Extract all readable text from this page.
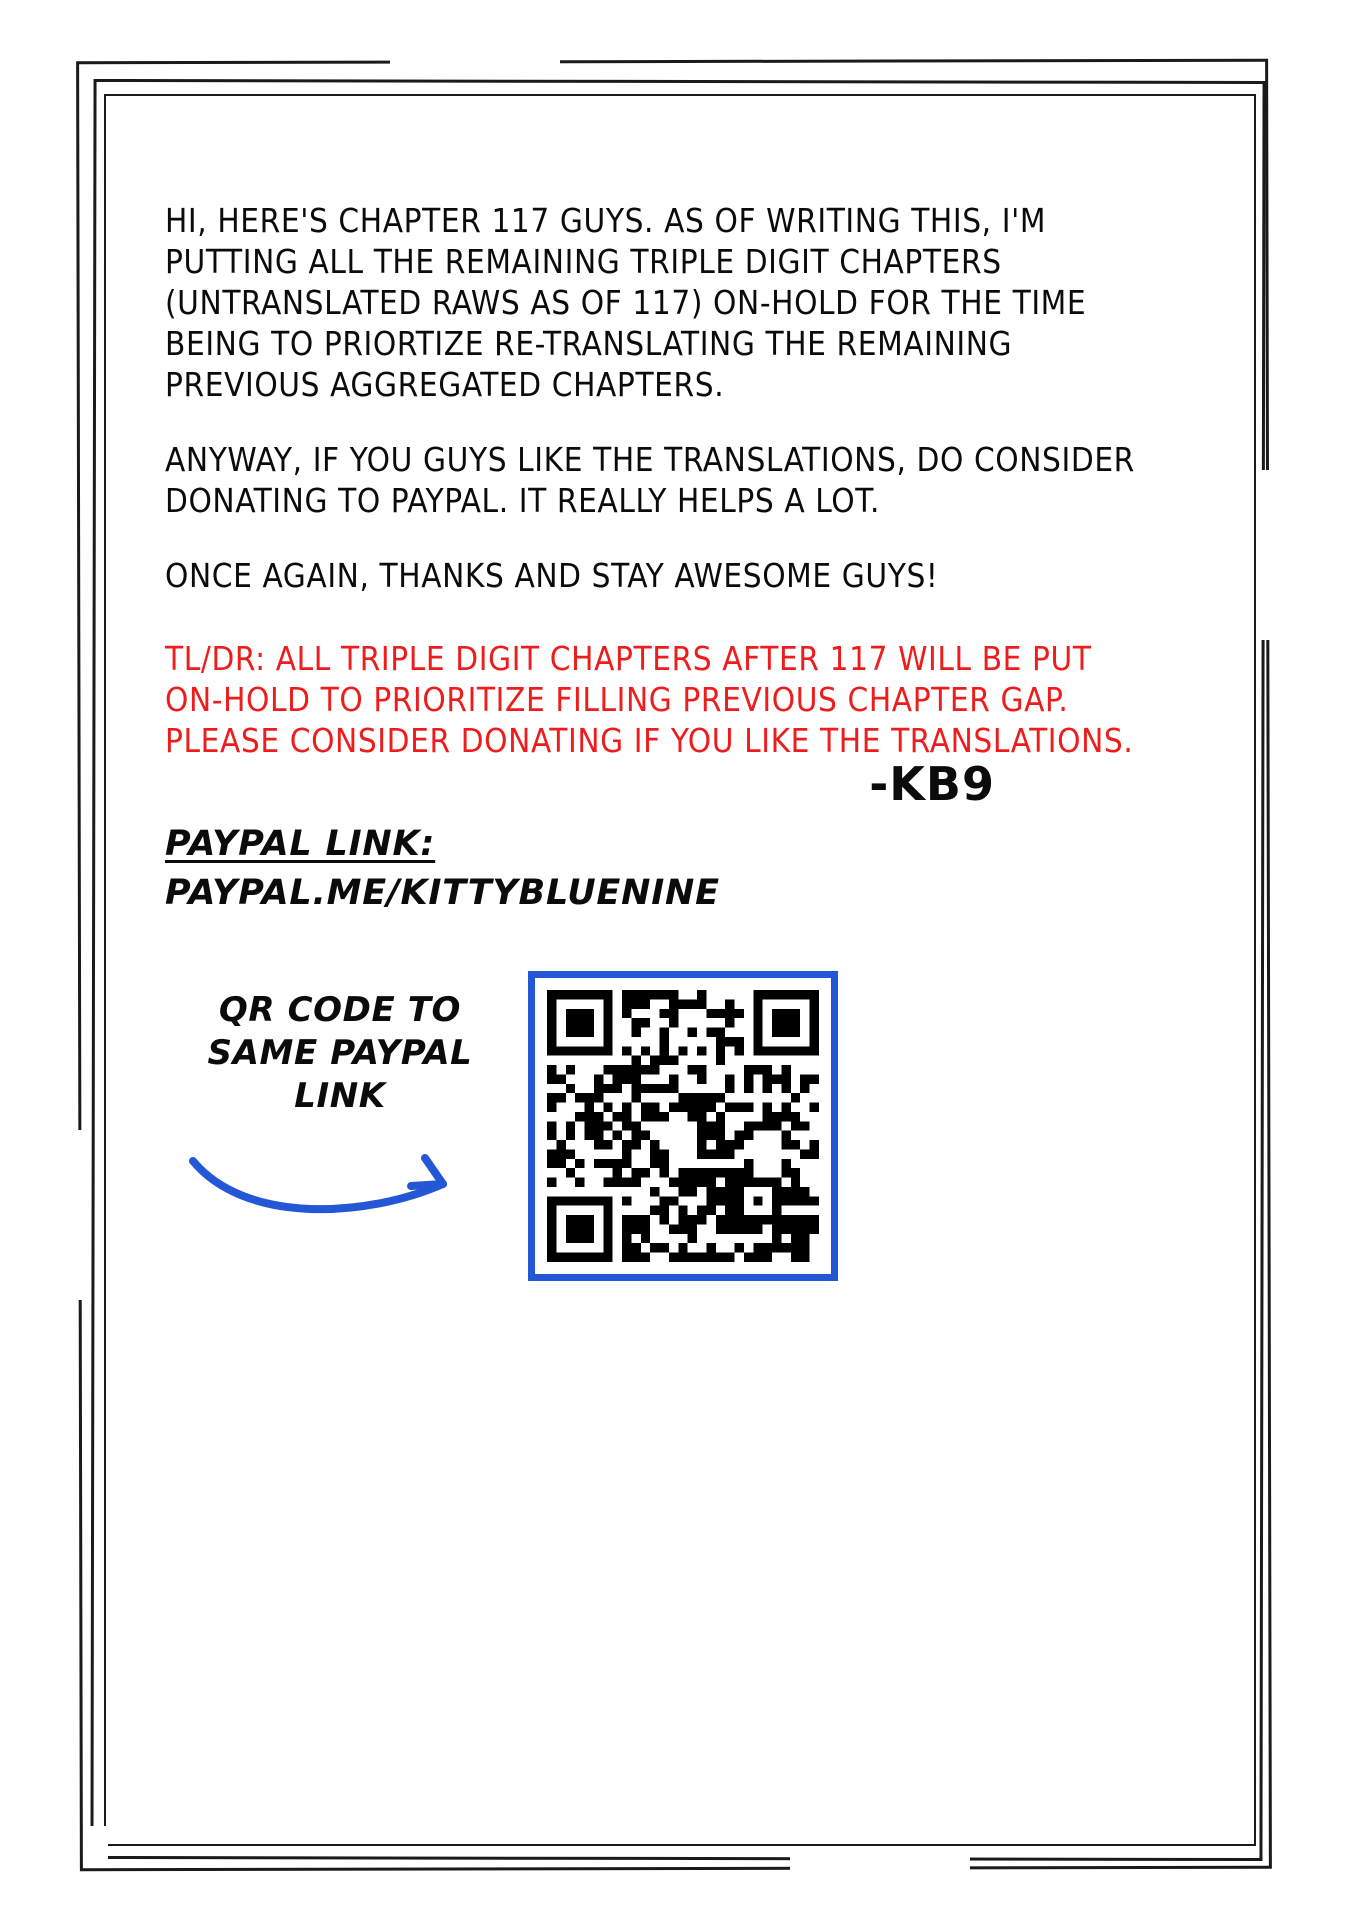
HI, HERE'S CHAPTER 117 GUYS. AS OF WRITING THIS, I'M PUTTING ALL THE REMAINING TRIPLE DIGIT CHAPTERS (UNTRANSLATED RAWS AS OF 117) ON-HOLD FOR THE TIME BEING TO PRIORTIZE RE-TRANSLATING THE REMAINING PREVIOUS AGGREGATED CHAPTERS.

ANYWAY, IF YOU GUYS LIKE THE TRANSLATIONS, DO CONSIDER DONATING TO PAYPAL. IT REALLY HELPS A LOT.

ONCE AGAIN, THANKS AND STAY AWESOME GUYS!

TL/DR: ALL TRIPLE DIGIT CHAPTERS AFTER 117 WILL BE PUT ON-HOLD TO PRIORITIZE FILLING PREVIOUS CHAPTER GAP. PLEASE CONSIDER DONATING IF YOU LIKE THE TRANSLATIONS.

PAYPAL LINK:

PAYPAL.ME/KITTYBLUENINE

QR CODE TO SAME PAYPAL LINK
-KB9
